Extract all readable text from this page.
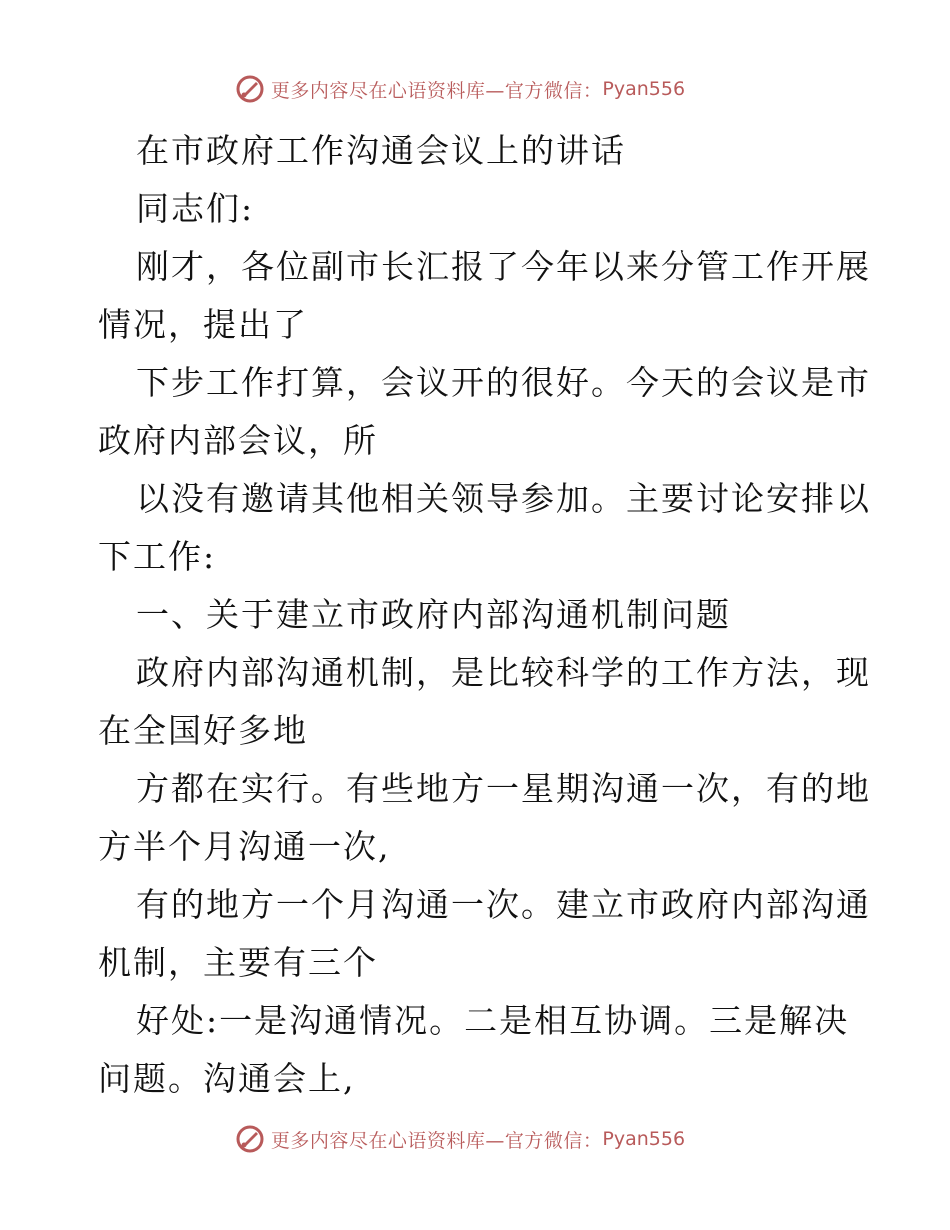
更多内容尽在心语资料库—官方微信： Pyan556
在市政府工作沟通会议上的讲话
同志们:
刚才，各位副市长汇报了今年以来分管工作开展
情况，提出了
下步工作打算，会议开的很好。今天的会议是市
政府内部会议，所
以没有邀请其他相关领导参加。主要讨论安排以
下工作:
一、关于建立市政府内部沟通机制问题
政府内部沟通机制，是比较科学的工作方法，现
在全国好多地
方都在实行。有些地方一星期沟通一次，有的地
方半个月沟通一次,
有的地方一个月沟通一次。建立市政府内部沟通
机制，主要有三个
好处:一是沟通情况。二是相互协调。三是解决
问题。沟通会上,
更多内容尽在心语资料库—官方微信： Pyan556
